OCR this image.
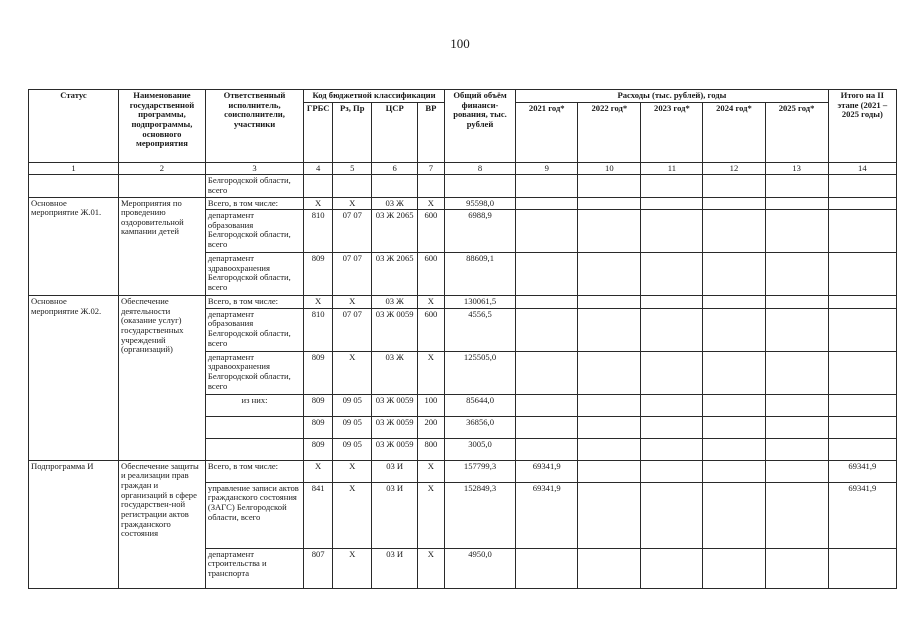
100
Статус	Наименование государственной программы, подпрограммы, основного мероприятия	Ответственный исполнитель, соисполнители, участники	Код бюджетной классификации				Общий объём финанси-рования, тыс. рублей	Расходы (тыс. рублей), годы					Итого на II этапе (2021 – 2025 годы)
			ГРБС	Рз, Пр	ЦСР	ВР		2021 год*	2022 год*	2023 год*	2024 год*	2025 год*	
1	2	3	4	5	6	7	8	9	10	11	12	13	14
		Белгородской области, всего											
Основное мероприятие Ж.01.	Мероприятия по проведению оздоровительной кампании детей	Всего, в том числе:	Х	Х	03 Ж	Х	95598,0						
		департамент образования Белгородской области, всего	810	07 07	03 Ж 2065	600	6988,9						
		департамент здравоохранения Белгородской области, всего	809	07 07	03 Ж 2065	600	88609,1						
Основное мероприятие Ж.02.	Обеспечение деятельности (оказание услуг) государственных учреждений (организаций)	Всего, в том числе:	Х	Х	03 Ж	Х	130061,5						
		департамент образования Белгородской области, всего	810	07 07	03 Ж 0059	600	4556,5						
		департамент здравоохранения Белгородской области, всего	809	Х	03 Ж	Х	125505,0						
		из них:	809	09 05	03 Ж 0059	100	85644,0						
			809	09 05	03 Ж 0059	200	36856,0						
			809	09 05	03 Ж 0059	800	3005,0						
Подпрограмма И	Обеспечение защиты и реализации прав граждан и организаций в сфере государствен-ной регистрации актов гражданского состояния	Всего, в том числе:	Х	Х	03 И	Х	157799,3	69341,9					69341,9
		управление записи актов гражданского состояния (ЗАГС) Белгородской области, всего	841	Х	03 И	Х	152849,3	69341,9					69341,9
		департамент строительства и транспорта	807	Х	03 И	Х	4950,0						
